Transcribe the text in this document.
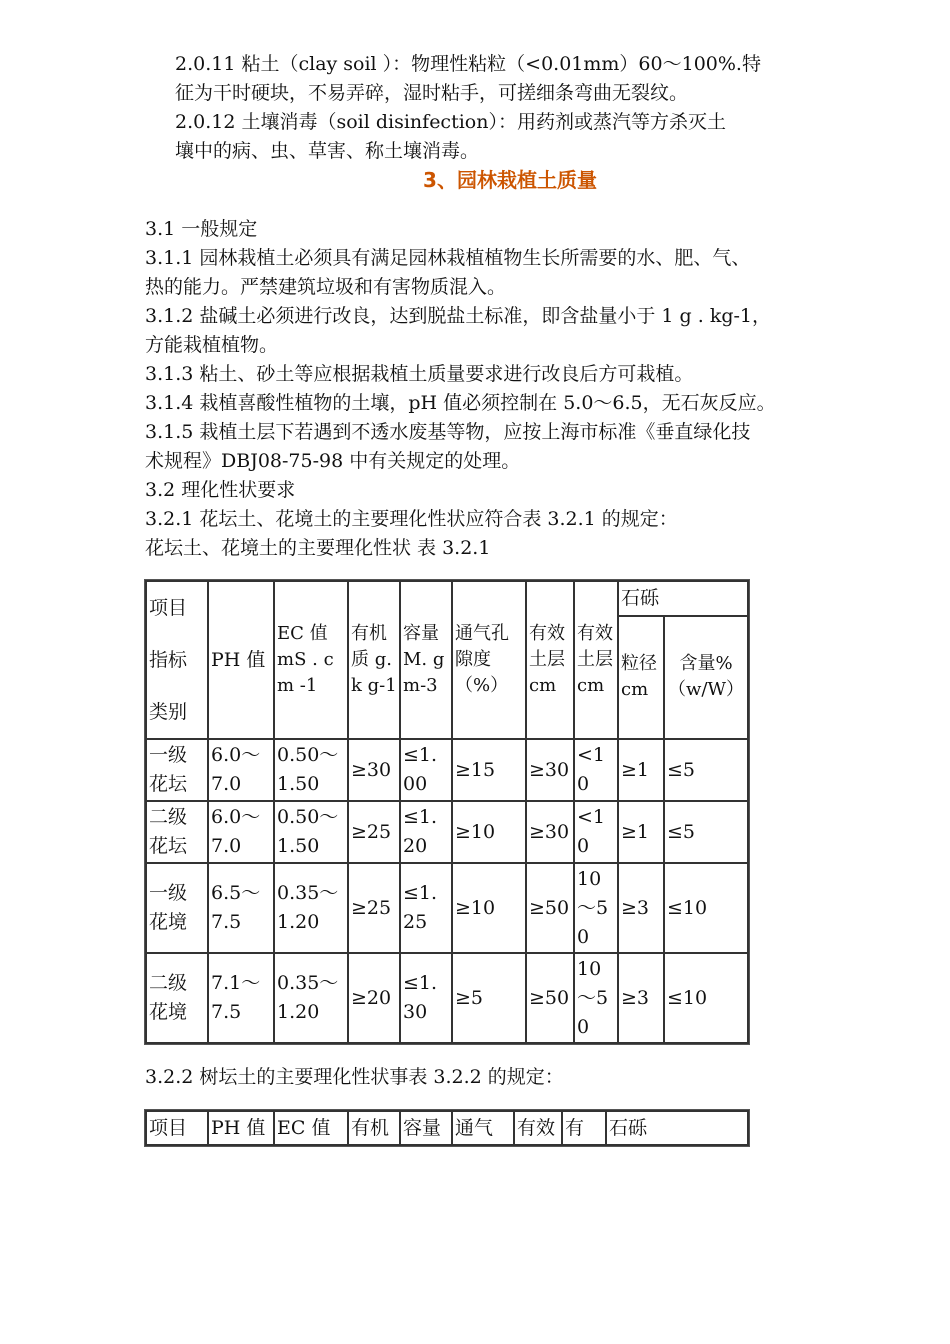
2.0.11 粘土（clay soil ）：物理性粘粒（<0.01mm）60～100%.特
征为干时硬块，不易弄碎，湿时粘手，可搓细条弯曲无裂纹。
2.0.12 土壤消毒（soil disinfection）：用药剂或蒸汽等方杀灭土
壤中的病、虫、草害、称土壤消毒。
3、园林栽植土质量
3.1 一般规定
3.1.1 园林栽植土必须具有满足园林栽植植物生长所需要的水、肥、气、
热的能力。严禁建筑垃圾和有害物质混入。
3.1.2 盐碱土必须进行改良，达到脱盐土标准，即含盐量小于 1 g . kg-1，
方能栽植植物。
3.1.3 粘土、砂土等应根据栽植土质量要求进行改良后方可栽植。
3.1.4 栽植喜酸性植物的土壤，pH 值必须控制在 5.0～6.5，无石灰反应。
3.1.5 栽植土层下若遇到不透水废基等物，应按上海市标准《垂直绿化技
术规程》DBJ08-75-98 中有关规定的处理。
3.2 理化性状要求
3.2.1 花坛土、花境土的主要理化性状应符合表 3.2.1 的规定：
花坛土、花境土的主要理化性状 表 3.2.1
项目
指标
类别	PH 值	EC 值 mS . cm -1	有机质 g. k g-1	容量 M. g m-3	通气孔隙度（%）	有效土层 cm	有效土层 cm	石砾	
								粒径 cm	含量%（w/W）
一级花坛	6.0～7.0	0.50～1.50	≥30	≤1.00	≥15	≥30	<10	≥1	≤5
二级花坛	6.0～7.0	0.50～1.50	≥25	≤1.20	≥10	≥30	<10	≥1	≤5
一级花境	6.5～7.5	0.35～1.20	≥25	≤1.25	≥10	≥50	10～50	≥3	≤10
二级花境	7.1～7.5	0.35～1.20	≥20	≤1.30	≥5	≥50	10～50	≥3	≤10
3.2.2 树坛土的主要理化性状事表 3.2.2 的规定：
项目	PH 值	EC 值	有机	容量	通气	有效	有	石砾
